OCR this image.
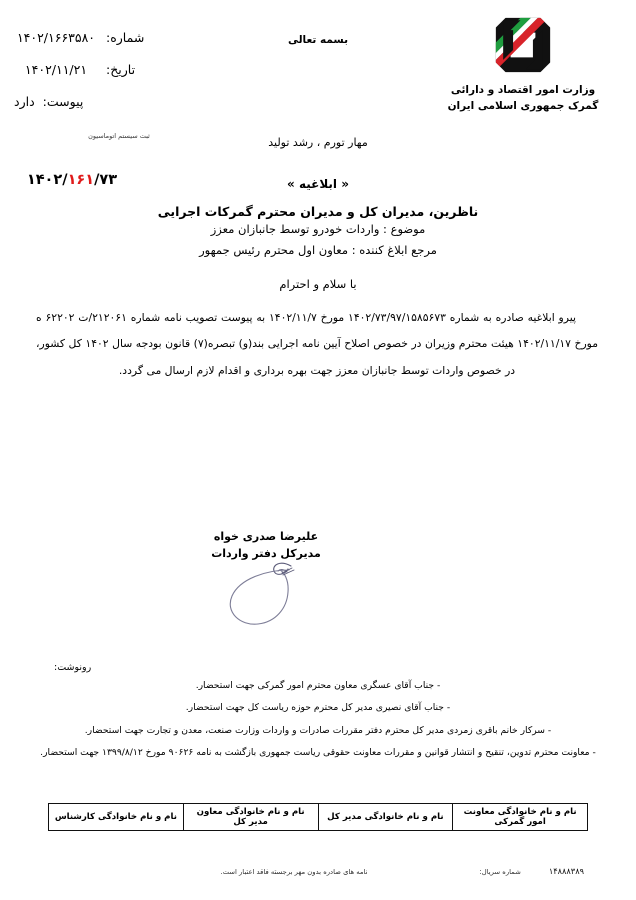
وزارت امور اقتصاد و دارائی
گمرک جمهوری اسلامی ایران
بسمه تعالی
شماره:
۱۴۰۲/۱۶۶۳۵۸۰
تاریخ:
۱۴۰۲/۱۱/۲۱
پیوست:
دارد
ثبت سیستم اتوماسیون	مهار تورم ، رشد تولید
۱۴۰۲/۱۶۱/۷۳	« ابلاغیه »
ناظرین، مدیران کل و مدیران محترم گمرکات اجرایی
موضوع : واردات خودرو توسط جانبازان معزز
مرجع ابلاغ کننده : معاون اول محترم رئیس جمهور
با سلام و احترام
پیرو ابلاغیه صادره به شماره ۱۴۰۲/۷۳/۹۷/۱۵۸۵۶۷۳ مورخ ۱۴۰۲/۱۱/۷ به پیوست تصویب نامه شماره ۲۱۲۰۶۱/ت ۶۲۲۰۲ ه مورخ ۱۴۰۲/۱۱/۱۷ هیئت محترم وزیران در خصوص اصلاح آیین نامه اجرایی بند(و) تبصره(۷) قانون بودجه سال ۱۴۰۲ کل کشور، در خصوص واردات توسط جانبازان معزز جهت بهره برداری و اقدام لازم ارسال می گردد.
علیرضا صدری خواه
مدیرکل دفتر واردات
رونوشت:
- جناب آقای عسگری معاون محترم امور گمرکی جهت استحضار.
- جناب آقای نصیری مدیر کل محترم حوزه ریاست کل جهت استحضار.
- سرکار خانم باقری زمردی مدیر کل محترم دفتر مقررات صادرات و واردات وزارت صنعت، معدن و تجارت جهت استحضار.
- معاونت محترم تدوین، تنقیح و انتشار قوانین و مقررات معاونت حقوقی ریاست جمهوری بازگشت به نامه ۹۰۶۲۶ مورخ ۱۳۹۹/۸/۱۲ جهت استحضار.
نام و نام خانوادگی معاونت امور گمرکی	نام و نام خانوادگی مدیر کل	نام و نام خانوادگی معاون مدیر کل	نام و نام خانوادگی کارشناس
۱۴۸۸۸۳۸۹
شماره سریال:
نامه های صادره بدون مهر برجسته فاقد اعتبار است.
